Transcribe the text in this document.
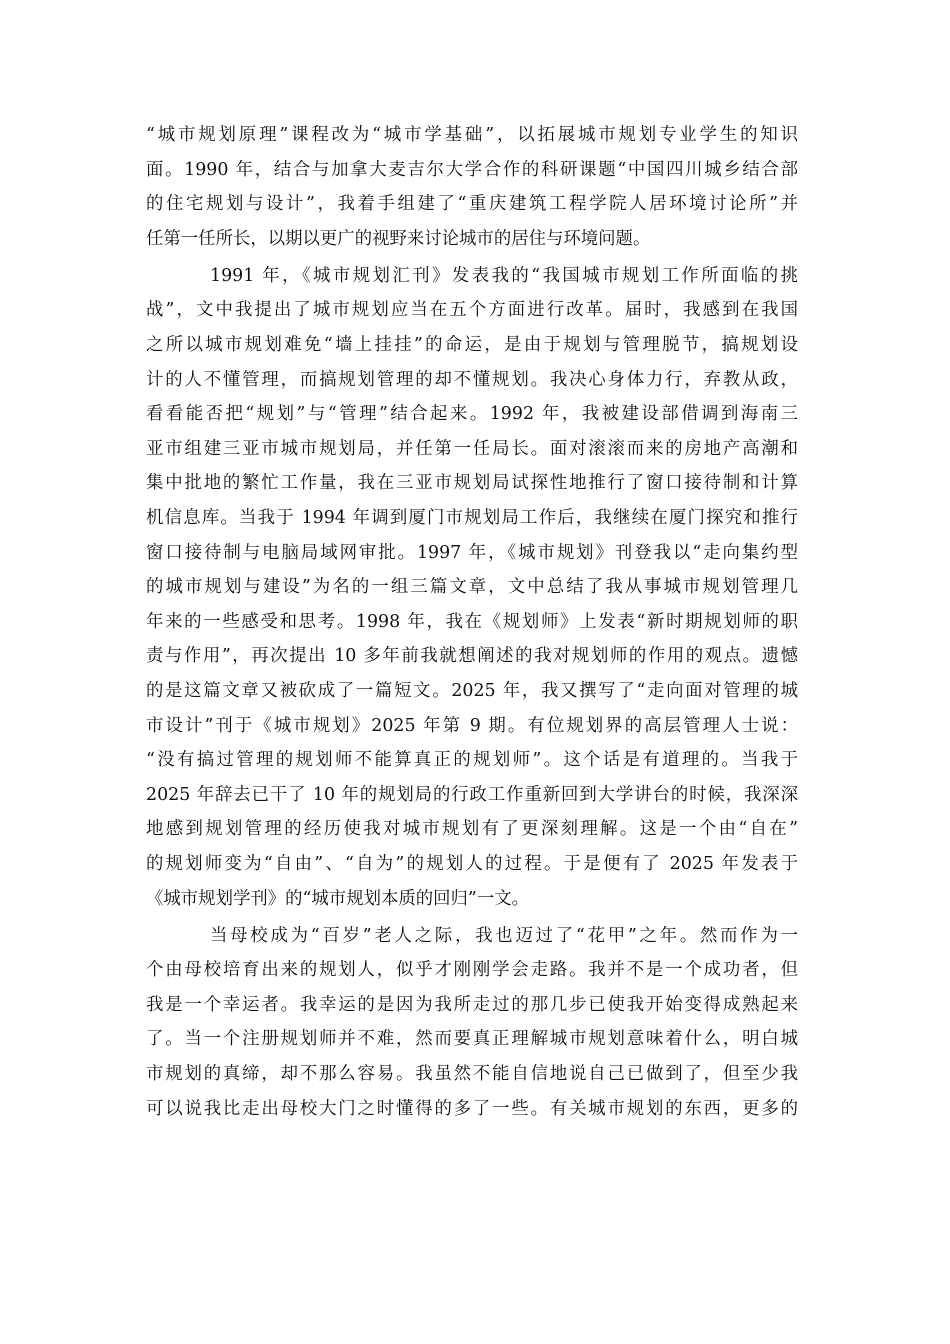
“城市规划原理”课程改为“城市学基础”，以拓展城市规划专业学生的知识
面。1990 年，结合与加拿大麦吉尔大学合作的科研课题“中国四川城乡结合部
的住宅规划与设计”，我着手组建了“重庆建筑工程学院人居环境讨论所”并
任第一任所长，以期以更广的视野来讨论城市的居住与环境问题。
1991 年，《城市规划汇刊》发表我的“我国城市规划工作所面临的挑
战”，文中我提出了城市规划应当在五个方面进行改革。届时，我感到在我国
之所以城市规划难免“墙上挂挂”的命运，是由于规划与管理脱节，搞规划设
计的人不懂管理，而搞规划管理的却不懂规划。我决心身体力行，弃教从政，
看看能否把“规划”与“管理”结合起来。1992 年，我被建设部借调到海南三
亚市组建三亚市城市规划局，并任第一任局长。面对滚滚而来的房地产高潮和
集中批地的繁忙工作量，我在三亚市规划局试探性地推行了窗口接待制和计算
机信息库。当我于 1994 年调到厦门市规划局工作后，我继续在厦门探究和推行
窗口接待制与电脑局域网审批。1997 年，《城市规划》刊登我以“走向集约型
的城市规划与建设”为名的一组三篇文章，文中总结了我从事城市规划管理几
年来的一些感受和思考。1998 年，我在《规划师》上发表“新时期规划师的职
责与作用”，再次提出 10 多年前我就想阐述的我对规划师的作用的观点。遗憾
的是这篇文章又被砍成了一篇短文。2025 年，我又撰写了“走向面对管理的城
市设计”刊于《城市规划》2025 年第 9 期。有位规划界的高层管理人士说：
“没有搞过管理的规划师不能算真正的规划师”。这个话是有道理的。当我于
2025 年辞去已干了 10 年的规划局的行政工作重新回到大学讲台的时候，我深深
地感到规划管理的经历使我对城市规划有了更深刻理解。这是一个由“自在”
的规划师变为“自由”、“自为”的规划人的过程。于是便有了 2025 年发表于
《城市规划学刊》的“城市规划本质的回归”一文。
当母校成为“百岁”老人之际，我也迈过了“花甲”之年。然而作为一
个由母校培育出来的规划人，似乎才刚刚学会走路。我并不是一个成功者，但
我是一个幸运者。我幸运的是因为我所走过的那几步已使我开始变得成熟起来
了。当一个注册规划师并不难，然而要真正理解城市规划意味着什么，明白城
市规划的真缔，却不那么容易。我虽然不能自信地说自己已做到了，但至少我
可以说我比走出母校大门之时懂得的多了一些。有关城市规划的东西，更多的
